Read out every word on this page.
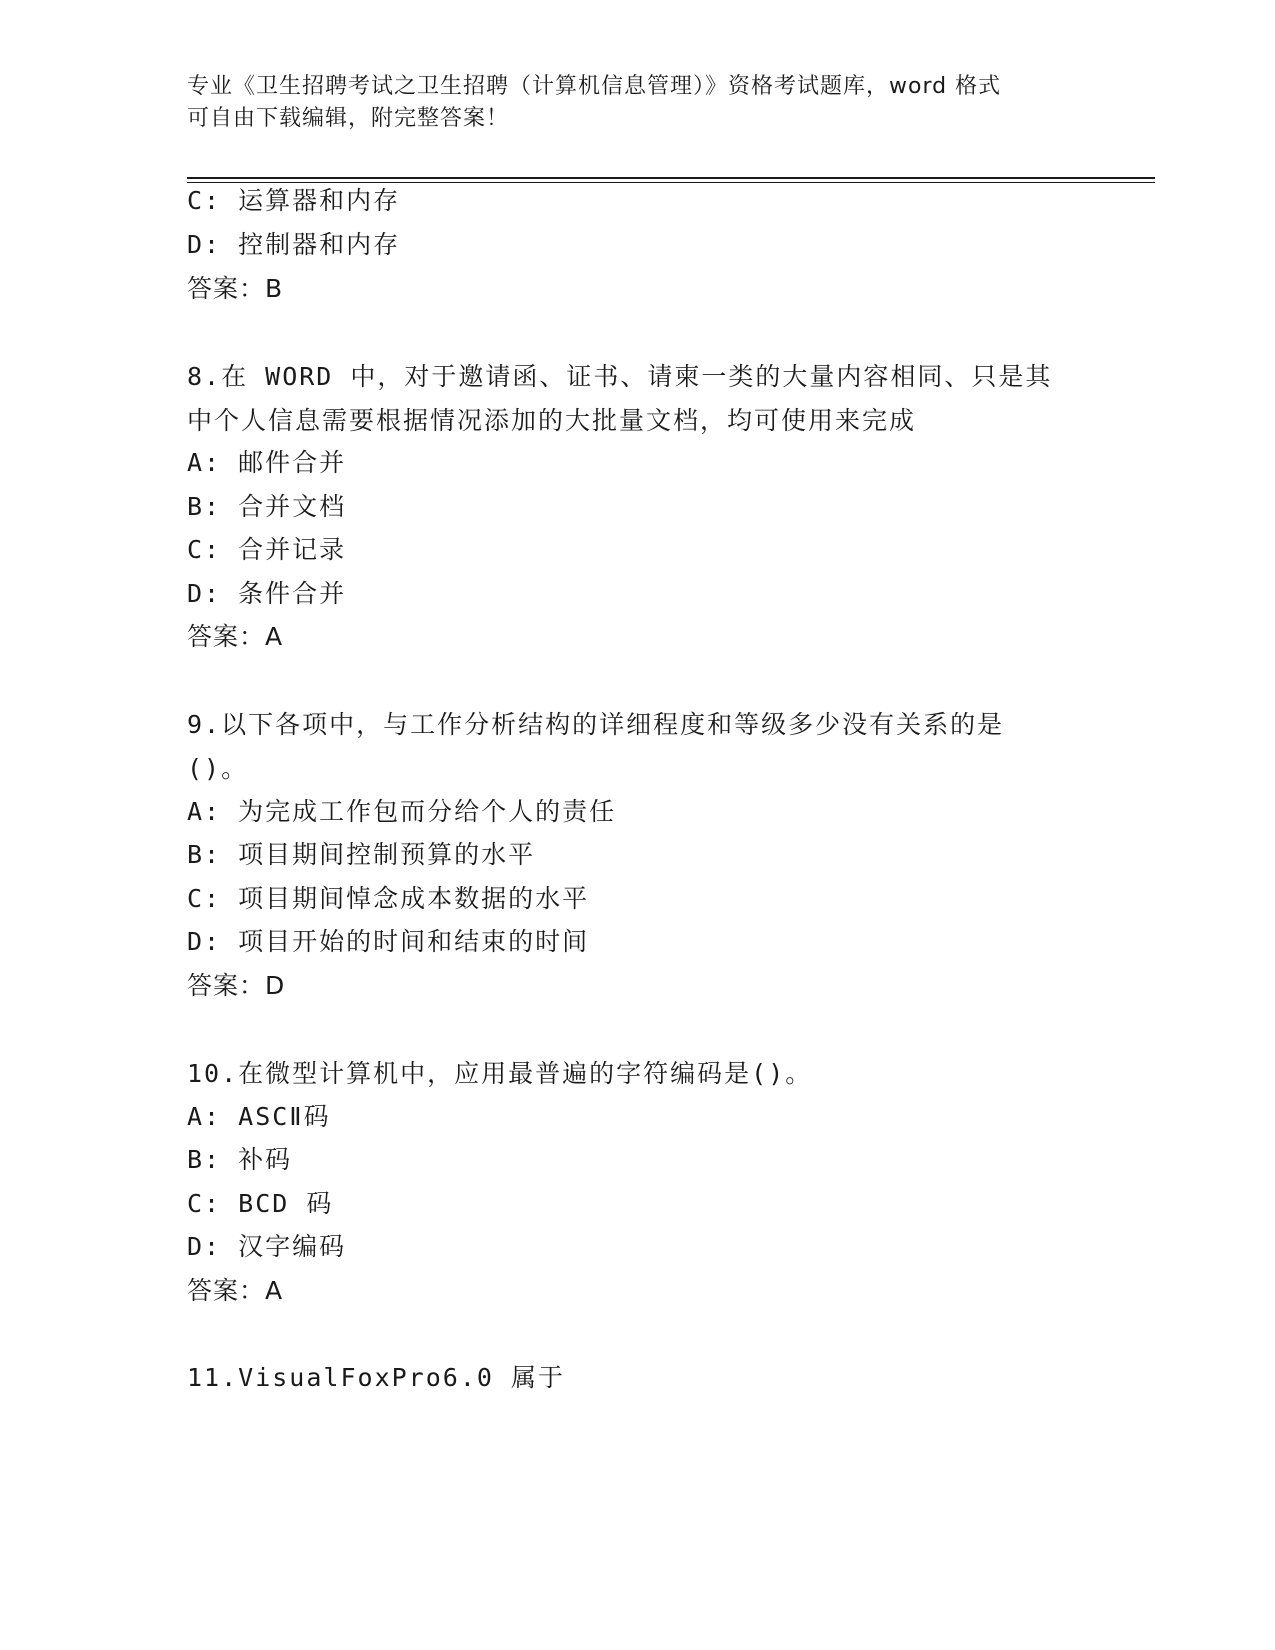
专业《卫生招聘考试之卫生招聘（计算机信息管理）》资格考试题库，word 格式
可自由下载编辑，附完整答案！
C: 运算器和内存
D: 控制器和内存
答案：B
8.在 WORD 中，对于邀请函、证书、请柬一类的大量内容相同、只是其
中个人信息需要根据情况添加的大批量文档，均可使用来完成
A: 邮件合并
B: 合并文档
C: 合并记录
D: 条件合并
答案：A
9.以下各项中，与工作分析结构的详细程度和等级多少没有关系的是
()。
A: 为完成工作包而分给个人的责任
B: 项目期间控制预算的水平
C: 项目期间悼念成本数据的水平
D: 项目开始的时间和结束的时间
答案：D
10.在微型计算机中，应用最普遍的字符编码是()。
A: ASCⅡ码
B: 补码
C: BCD 码
D: 汉字编码
答案：A
11.VisualFoxPro6.0 属于
